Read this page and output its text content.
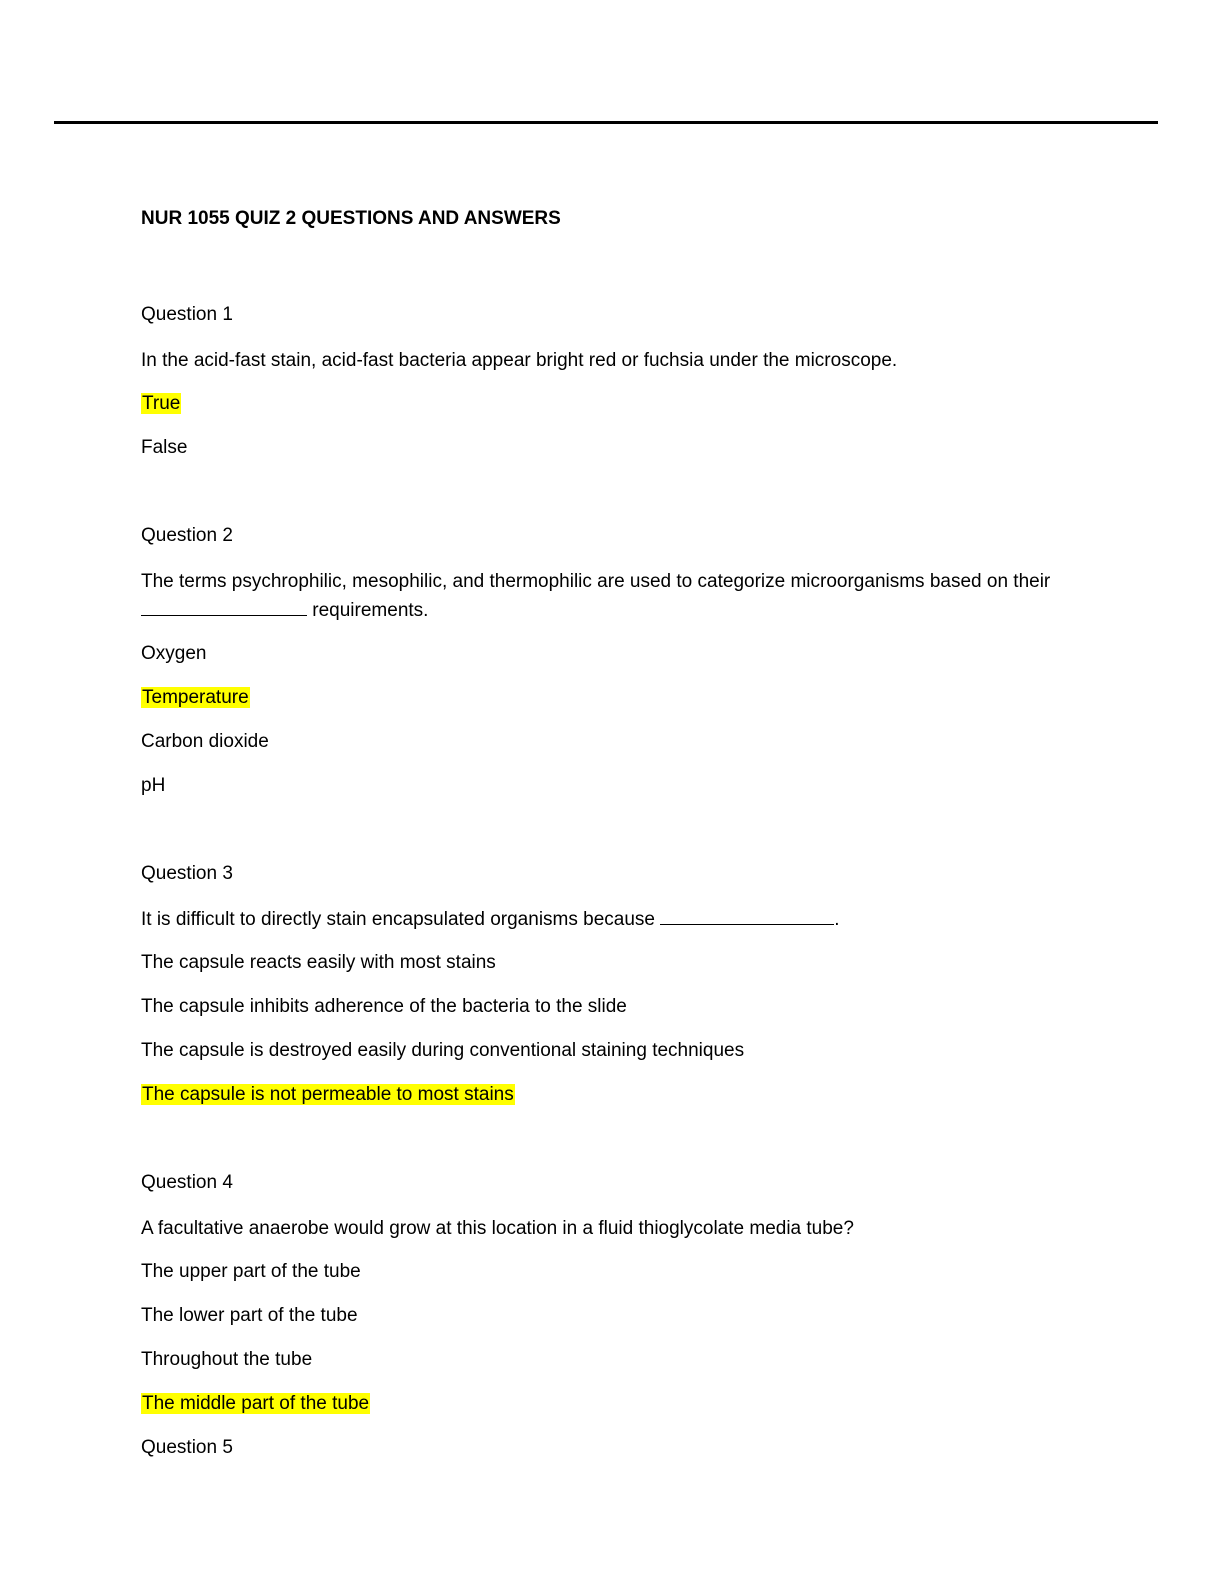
NUR 1055 QUIZ 2 QUESTIONS AND ANSWERS
Question 1
In the acid-fast stain, acid-fast bacteria appear bright red or fuchsia under the microscope.
True
False
Question 2
The terms psychrophilic, mesophilic, and thermophilic are used to categorize microorganisms based on their  requirements.
Oxygen
Temperature
Carbon dioxide
pH
Question 3
It is difficult to directly stain encapsulated organisms because	.
The capsule reacts easily with most stains
The capsule inhibits adherence of the bacteria to the slide
The capsule is destroyed easily during conventional staining techniques
The capsule is not permeable to most stains
Question 4
A facultative anaerobe would grow at this location in a fluid thioglycolate media tube?
The upper part of the tube
The lower part of the tube
Throughout the tube
The middle part of the tube
Question 5
